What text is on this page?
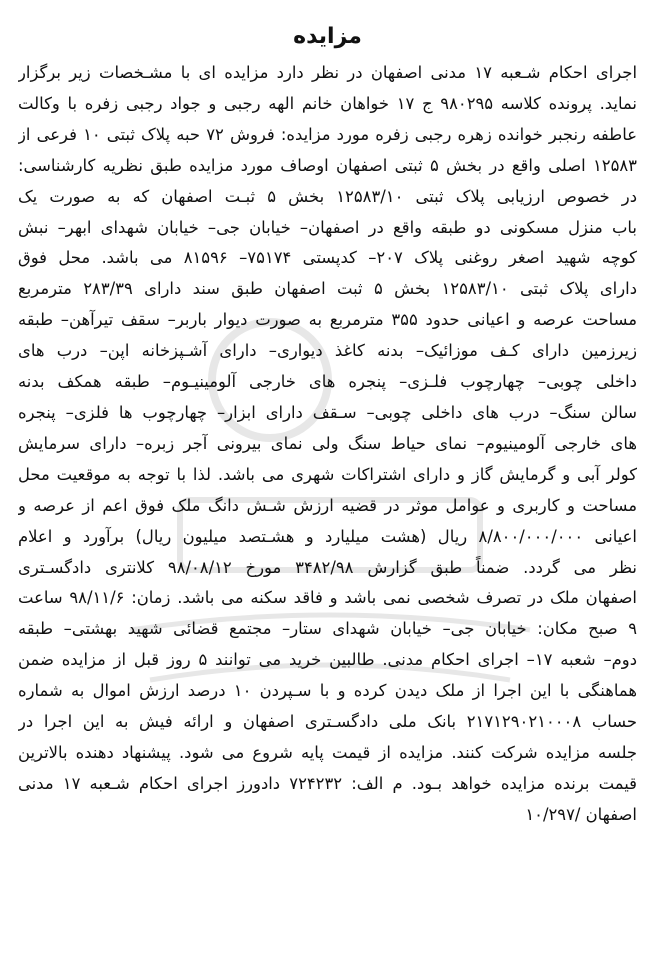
مزایده
اجرای احکام شـعبه ۱۷ مدنی اصفهان در نظر دارد مزایده ای با مشـخصات زیر برگزار
نماید. پرونده کلاسه ۹۸۰۲۹۵ ج ۱۷ خواهان خانم الهه رجبی و جواد رجبی زفره با وکالت
عاطفه رنجبر خوانده زهره رجبی زفره مورد مزایده: فروش ۷۲ حبه پلاک ثبتی ۱۰ فرعی از
۱۲۵۸۳ اصلی واقع در بخش ۵ ثبتی اصفهان اوصاف مورد مزایده طبق نظریه کارشناسی:
در خصوص ارزیابی پلاک ثبتی ۱۲۵۸۳/۱۰ بخش ۵ ثبـت اصفهان که به صورت یک
باب منزل مسکونی دو طبقه واقع در اصفهان– خیابان جی– خیابان شهدای ابهر– نبش
کوچه شهید اصغر روغنی پلاک ۲۰۷– کدپستی ۷۵۱۷۴– ۸۱۵۹۶ می باشد. محل فوق
دارای پلاک ثبتی ۱۲۵۸۳/۱۰ بخش ۵ ثبت اصفهان طبق سند دارای ۲۸۳/۳۹ مترمربع
مساحت عرصه و اعیانی حدود ۳۵۵ مترمربع به صورت دیوار باربر– سقف تیرآهن– طبقه
زیرزمین دارای کـف موزائیک– بدنه کاغذ دیواری– دارای آشـپزخانه اپن– درب های
داخلی چوبی– چهارچوب فلـزی– پنجره های خارجی آلومینیـوم– طبقه همکف بدنه
سالن سنگ– درب های داخلی چوبی– سـقف دارای ابزار– چهارچوب ها فلزی– پنجره
های خارجی آلومینیوم– نمای حیاط سنگ ولی نمای بیرونی آجر زبره– دارای سرمایش
کولر آبی و گرمایش گاز و دارای اشتراکات شهری می باشد. لذا با توجه به موقعیت محل
مساحت و کاربری و عوامل موثر در قضیه ارزش شـش دانگ ملک فوق اعم از عرصه و
اعیانی ۸/۸۰۰/۰۰۰/۰۰۰ ریال (هشت میلیارد و هشـتصد میلیون ریال) برآورد و اعلام
نظر می گردد. ضمناً طبق گزارش ۳۴۸۲/۹۸ مورخ ۹۸/۰۸/۱۲ کلانتری دادگسـتری
اصفهان ملک در تصرف شخصی نمی باشد و فاقد سکنه می باشد. زمان: ۹۸/۱۱/۶ ساعت
۹ صبح مکان: خیابان جی– خیابان شهدای ستار– مجتمع قضائی شهید بهشتی– طبقه
دوم– شعبه ۱۷– اجرای احکام مدنی. طالبین خرید می توانند ۵ روز قبل از مزایده ضمن
هماهنگی با این اجرا از ملک دیدن کرده و با سـپردن ۱۰ درصد ارزش اموال به شماره
حساب ۲۱۷۱۲۹۰۲۱۰۰۰۸ بانک ملی دادگسـتری اصفهان و ارائه فیش به این اجرا در
جلسه مزایده شرکت کنند. مزایده از قیمت پایه شروع می شود. پیشنهاد دهنده بالاترین
قیمت برنده مزایده خواهد بـود. م الف: ۷۲۴۲۳۲ دادورز اجرای احکام شـعبه ۱۷ مدنی
اصفهان /۱۰/۲۹۷
